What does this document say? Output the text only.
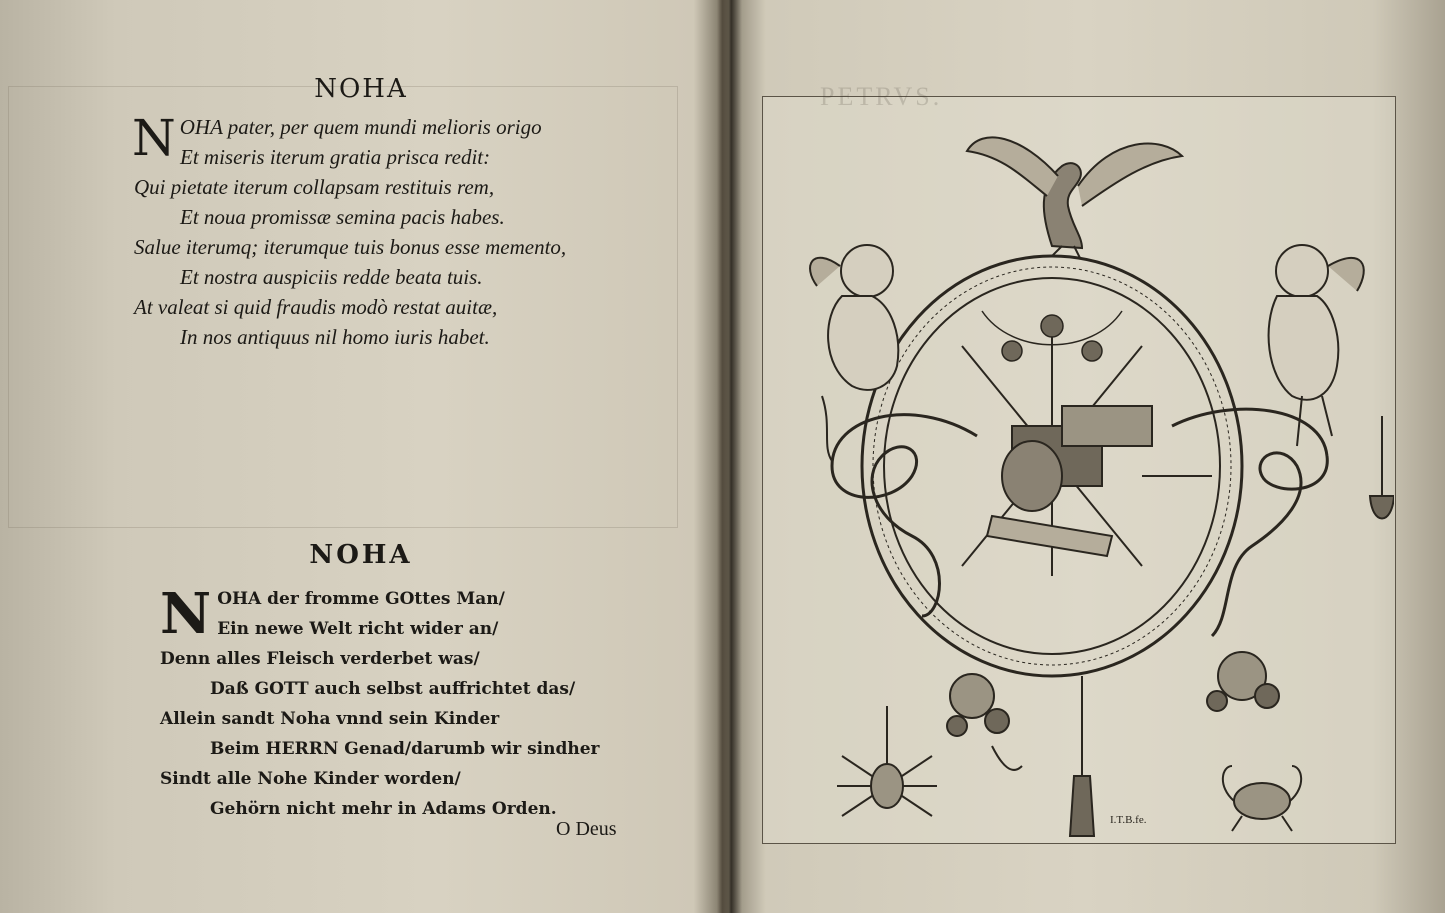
NOHA
N OHA pater, per quem mundi melioris origo
Et miseris iterum gratia prisca redit:
Qui pietate iterum collapsam restituis rem,
Et noua promissæ semina pacis habes.
Salue iterumq; iterumque tuis bonus esse memento,
Et nostra auspiciis redde beata tuis.
At valeat si quid fraudis modò restat auitæ,
In nos antiquus nil homo iuris habet.
NOHA
N OHA der fromme GOttes Man/
Ein newe Welt richt wider an/
Denn alles Fleisch verderbet was/
Daß GOTT auch selbst auffrichtet das/
Allein sandt Noha vnnd sein Kinder
Beim HERRN Genad/darumb wir sindher
Sindt alle Nohe Kinder worden/
Gehörn nicht mehr in Adams Orden.
O Deus
PETRVS.
I.T.B.fe.
